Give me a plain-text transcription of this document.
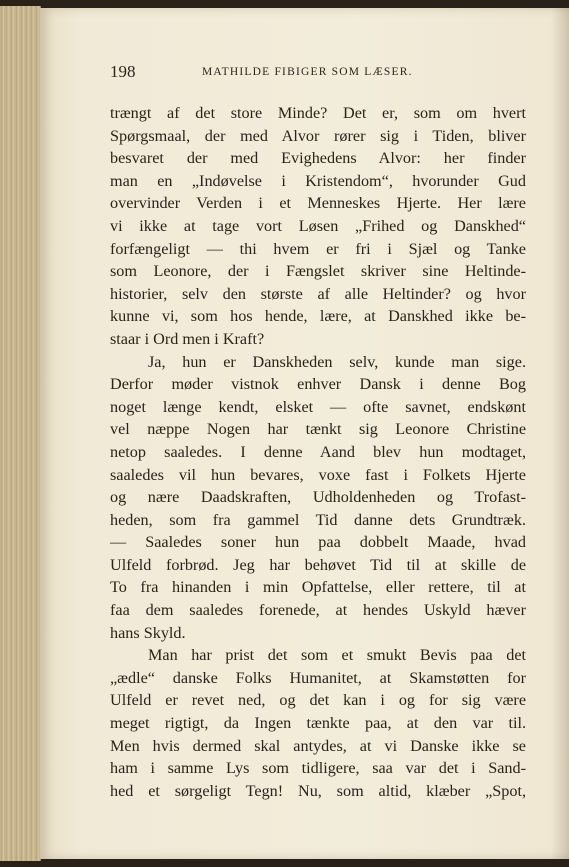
198	MATHILDE FIBIGER SOM LÆSER.
trængt af det store Minde? Det er, som om hvert
Spørgsmaal, der med Alvor rører sig i Tiden, bliver
besvaret der med Evighedens Alvor: her finder
man en „Indøvelse i Kristendom“, hvorunder Gud
overvinder Verden i et Menneskes Hjerte. Her lære
vi ikke at tage vort Løsen „Frihed og Danskhed“
forfængeligt — thi hvem er fri i Sjæl og Tanke
som Leonore, der i Fængslet skriver sine Heltinde-
historier, selv den største af alle Heltinder? og hvor
kunne vi, som hos hende, lære, at Danskhed ikke be-
staar i Ord men i Kraft?
Ja, hun er Danskheden selv, kunde man sige.
Derfor møder vistnok enhver Dansk i denne Bog
noget længe kendt, elsket — ofte savnet, endskønt
vel næppe Nogen har tænkt sig Leonore Christine
netop saaledes. I denne Aand blev hun modtaget,
saaledes vil hun bevares, voxe fast i Folkets Hjerte
og nære Daadskraften, Udholdenheden og Trofast-
heden, som fra gammel Tid danne dets Grundtræk.
— Saaledes soner hun paa dobbelt Maade, hvad
Ulfeld forbrød. Jeg har behøvet Tid til at skille de
To fra hinanden i min Opfattelse, eller rettere, til at
faa dem saaledes forenede, at hendes Uskyld hæver
hans Skyld.
Man har prist det som et smukt Bevis paa det
„ædle“ danske Folks Humanitet, at Skamstøtten for
Ulfeld er revet ned, og det kan i og for sig være
meget rigtigt, da Ingen tænkte paa, at den var til.
Men hvis dermed skal antydes, at vi Danske ikke se
ham i samme Lys som tidligere, saa var det i Sand-
hed et sørgeligt Tegn! Nu, som altid, klæber „Spot,
